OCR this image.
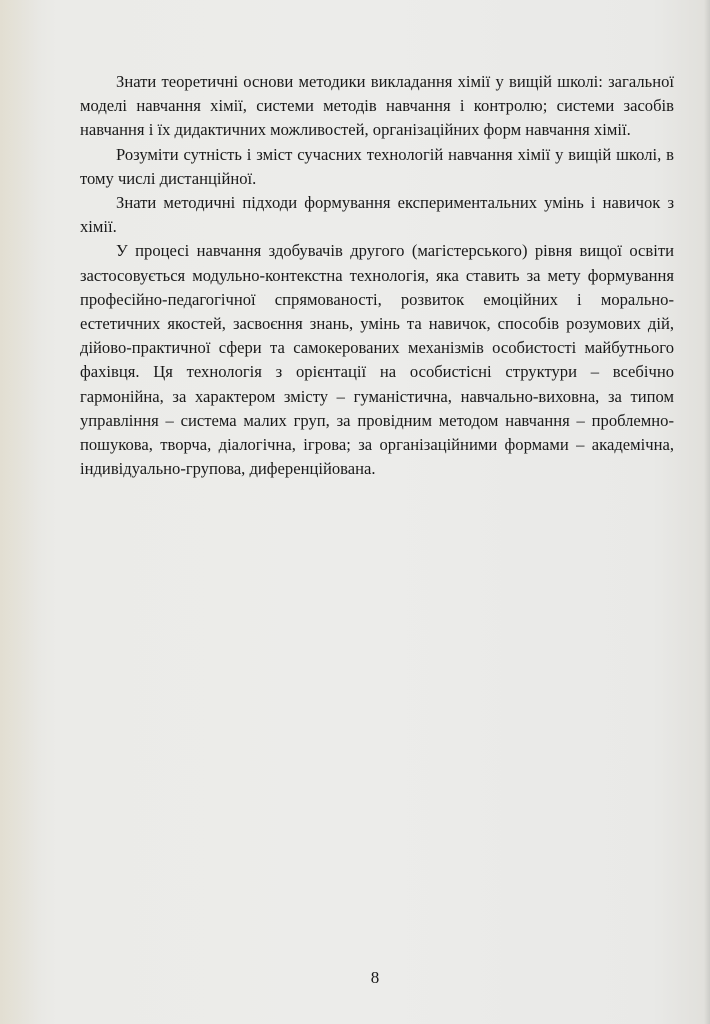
Знати теоретичні основи методики викладання хімії у вищій школі: загальної моделі навчання хімії, системи методів навчання і контролю; системи засобів навчання і їх дидактичних можливостей, організаційних форм навчання хімії.

Розуміти сутність і зміст сучасних технологій навчання хімії у вищій школі, в тому числі дистанційної.

Знати методичні підходи формування експериментальних умінь і навичок з хімії.

У процесі навчання здобувачів другого (магістерського) рівня вищої освіти застосовується модульно-контекстна технологія, яка ставить за мету формування професійно-педагогічної спрямованості, розвиток емоційних і морально-естетичних якостей, засвоєння знань, умінь та навичок, способів розумових дій, дійово-практичної сфери та самокерованих механізмів особистості майбутнього фахівця. Ця технологія з орієнтації на особистісні структури – всебічно гармонійна, за характером змісту – гуманістична, навчально-виховна, за типом управління – система малих груп, за провідним методом навчання – проблемно-пошукова, творча, діалогічна, ігрова; за організаційними формами – академічна, індивідуально-групова, диференційована.

8
